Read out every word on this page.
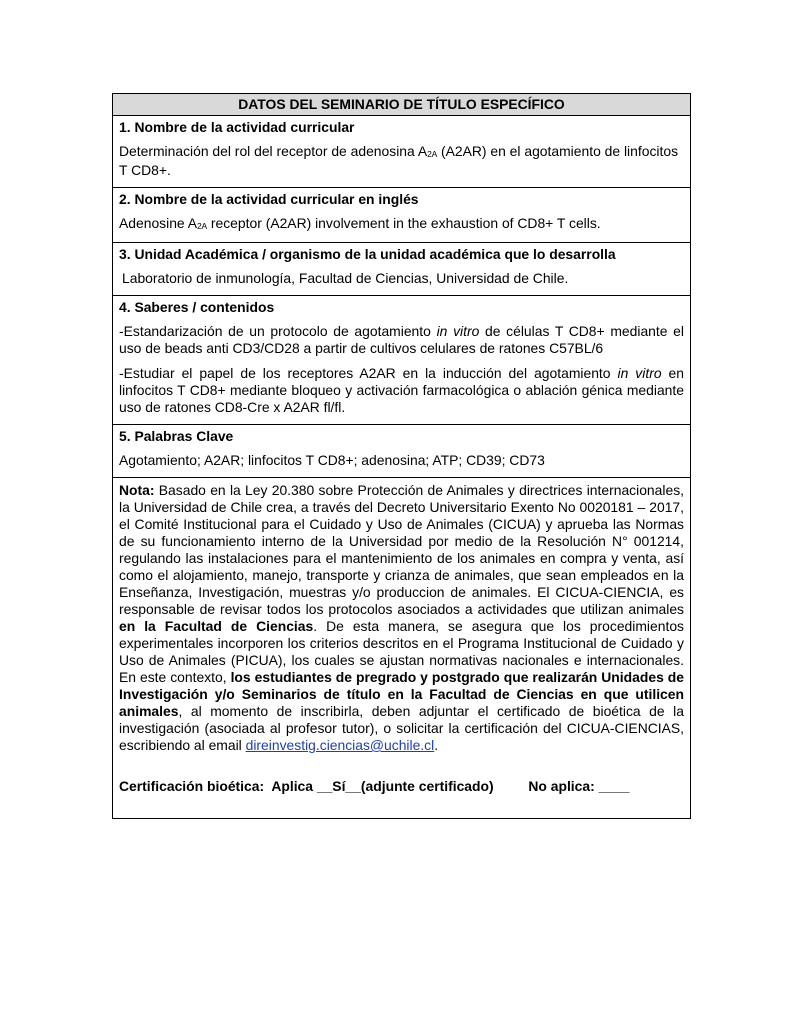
DATOS DEL SEMINARIO DE TÍTULO ESPECÍFICO
1. Nombre de la actividad curricular
Determinación del rol del receptor de adenosina $A_{2A}$ (A2AR) en el agotamiento de linfocitos T CD8+.
2. Nombre de la actividad curricular en inglés
Adenosine $A_{2A}$ receptor (A2AR) involvement in the exhaustion of CD8+ T cells.
3. Unidad Académica / organismo de la unidad académica que lo desarrolla
Laboratorio de inmunología, Facultad de Ciencias, Universidad de Chile.
4. Saberes / contenidos
-Estandarización de un protocolo de agotamiento in vitro de células T CD8+ mediante el uso de beads anti CD3/CD28 a partir de cultivos celulares de ratones C57BL/6
-Estudiar el papel de los receptores A2AR en la inducción del agotamiento in vitro en linfocitos T CD8+ mediante bloqueo y activación farmacológica o ablación génica mediante uso de ratones CD8-Cre x A2AR fl/fl.
5. Palabras Clave
Agotamiento; A2AR; linfocitos T CD8+; adenosina; ATP; CD39; CD73
Nota: Basado en la Ley 20.380 sobre Protección de Animales y directrices internacionales, la Universidad de Chile crea, a través del Decreto Universitario Exento No 0020181 – 2017, el Comité Institucional para el Cuidado y Uso de Animales (CICUA) y aprueba las Normas de su funcionamiento interno de la Universidad por medio de la Resolución N° 001214, regulando las instalaciones para el mantenimiento de los animales en compra y venta, así como el alojamiento, manejo, transporte y crianza de animales, que sean empleados en la Enseñanza, Investigación, muestras y/o produccion de animales. El CICUA-CIENCIA, es responsable de revisar todos los protocolos asociados a actividades que utilizan animales en la Facultad de Ciencias. De esta manera, se asegura que los procedimientos experimentales incorporen los criterios descritos en el Programa Institucional de Cuidado y Uso de Animales (PICUA), los cuales se ajustan normativas nacionales e internacionales. En este contexto, los estudiantes de pregrado y postgrado que realizarán Unidades de Investigación y/o Seminarios de título en la Facultad de Ciencias en que utilicen animales, al momento de inscribirla, deben adjuntar el certificado de bioética de la investigación (asociada al profesor tutor), o solicitar la certificación del CICUA-CIENCIAS, escribiendo al email direinvestig.ciencias@uchile.cl.
Certificación bioética:  Aplica __Sí__(adjunte certificado)         No aplica: ____
